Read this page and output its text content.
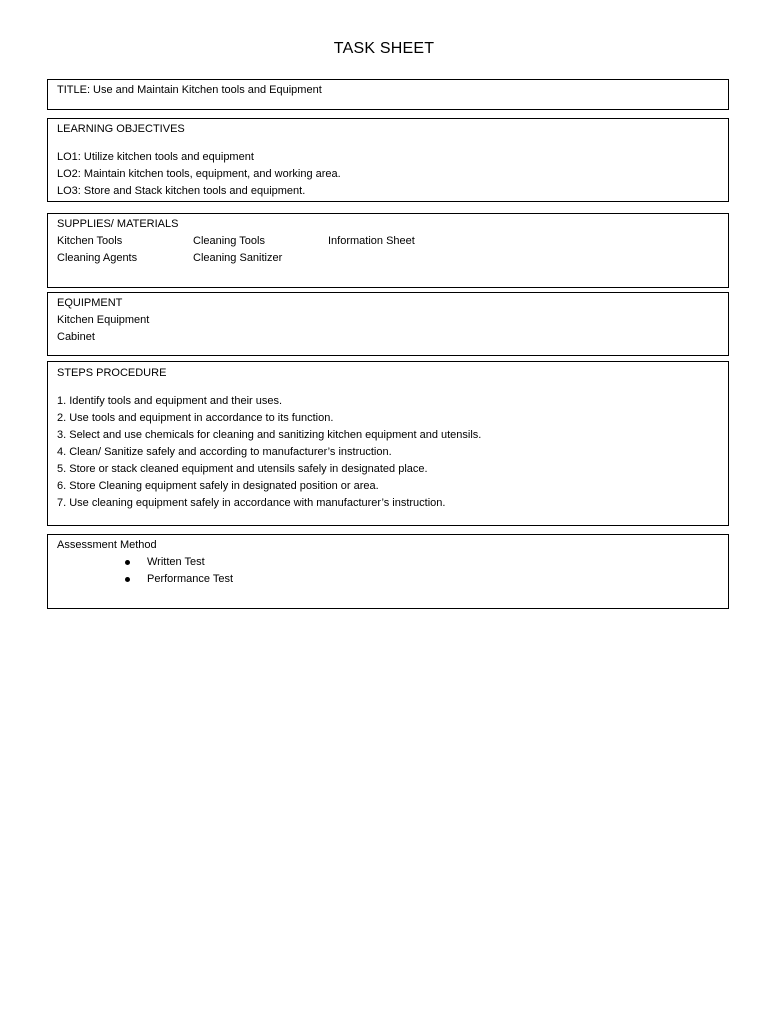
TASK SHEET
TITLE: Use and Maintain Kitchen tools and Equipment
LEARNING OBJECTIVES
LO1: Utilize kitchen tools and equipment
LO2: Maintain kitchen tools, equipment, and working area.
LO3: Store and Stack kitchen tools and equipment.
SUPPLIES/ MATERIALS
Kitchen Tools	Cleaning Tools	Information Sheet
Cleaning Agents	Cleaning Sanitizer
EQUIPMENT
Kitchen Equipment
Cabinet
STEPS PROCEDURE
1. Identify tools and equipment and their uses.
2. Use tools and equipment in accordance to its function.
3. Select and use chemicals for cleaning and sanitizing kitchen equipment and utensils.
4. Clean/ Sanitize safely and according to manufacturer’s instruction.
5. Store or stack cleaned equipment and utensils safely in designated place.
6. Store Cleaning equipment safely in designated position or area.
7. Use cleaning equipment safely in accordance with manufacturer’s instruction.
Assessment Method
Written Test
Performance Test
